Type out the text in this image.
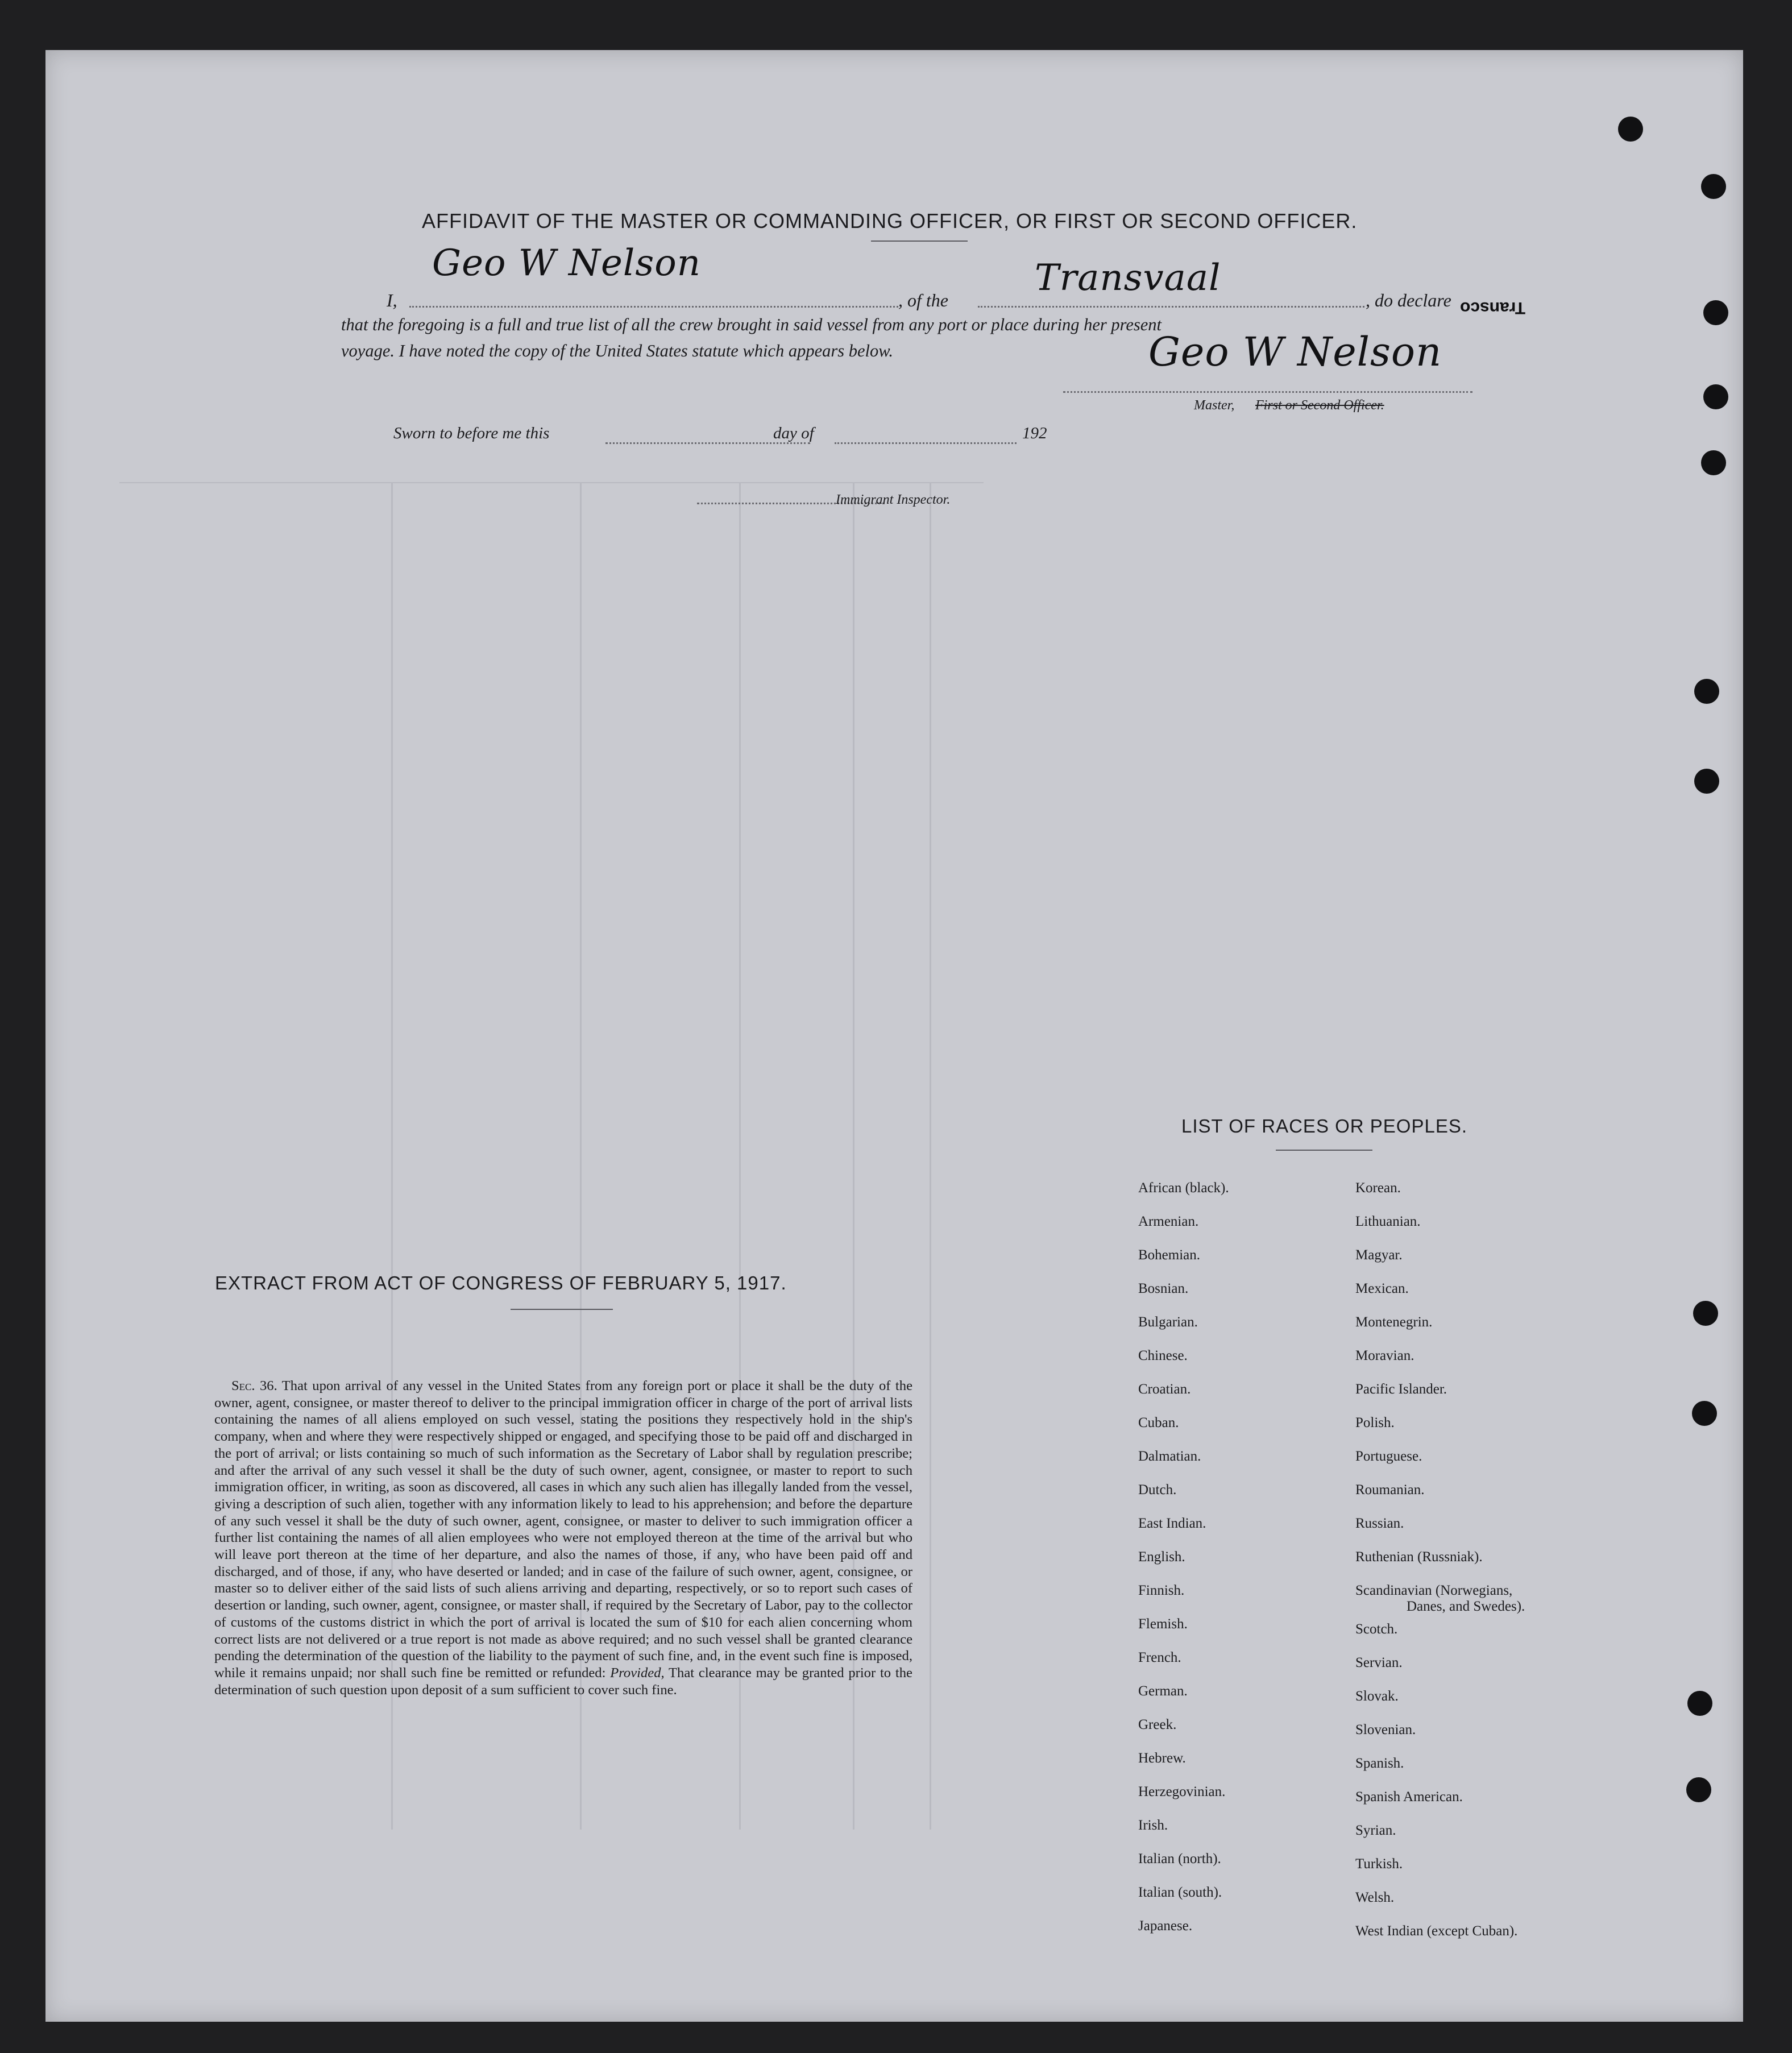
AFFIDAVIT OF THE MASTER OR COMMANDING OFFICER, OR FIRST OR SECOND OFFICER.
I,
Geo W Nelson
, of the
Transvaal
, do declare Transco
that the foregoing is a full and true list of all the crew brought in said vessel from any port or place during her present
voyage. I have noted the copy of the United States statute which appears below.	Geo W Nelson
Master, First or Second Officer.
Sworn to before me this	day of	192
Immigrant Inspector.
EXTRACT FROM ACT OF CONGRESS OF FEBRUARY 5, 1917.

Sec. 36. That upon arrival of any vessel in the United States from any foreign port or place it shall be the duty of the owner, agent, consignee, or master thereof to deliver to the principal immigration officer in charge of the port of arrival lists containing the names of all aliens employed on such vessel, stating the positions they respectively hold in the ship's company, when and where they were respectively shipped or engaged, and specifying those to be paid off and discharged in the port of arrival; or lists containing so much of such information as the Secretary of Labor shall by regulation prescribe; and after the arrival of any such vessel it shall be the duty of such owner, agent, consignee, or master to report to such immigration officer, in writing, as soon as discovered, all cases in which any such alien has illegally landed from the vessel, giving a description of such alien, together with any information likely to lead to his apprehension; and before the departure of any such vessel it shall be the duty of such owner, agent, consignee, or master to deliver to such immigration officer a further list containing the names of all alien employees who were not employed thereon at the time of the arrival but who will leave port thereon at the time of her departure, and also the names of those, if any, who have been paid off and discharged, and of those, if any, who have deserted or landed; and in case of the failure of such owner, agent, consignee, or master so to deliver either of the said lists of such aliens arriving and departing, respectively, or so to report such cases of desertion or landing, such owner, agent, consignee, or master shall, if required by the Secretary of Labor, pay to the collector of customs of the customs district in which the port of arrival is located the sum of $10 for each alien concerning whom correct lists are not delivered or a true report is not made as above required; and no such vessel shall be granted clearance pending the determination of the question of the liability to the payment of such fine, and, in the event such fine is imposed, while it remains unpaid; nor shall such fine be remitted or refunded: Provided, That clearance may be granted prior to the determination of such question upon deposit of a sum sufficient to cover such fine.

LIST OF RACES OR PEOPLES.
African (black).
Armenian.
Bohemian.
Bosnian.
Bulgarian.
Chinese.
Croatian.
Cuban.
Dalmatian.
Dutch.
East Indian.
English.
Finnish.
Flemish.
French.
German.
Greek.
Hebrew.
Herzegovinian.
Irish.
Italian (north).
Italian (south).
Japanese.
Korean.
Lithuanian.
Magyar.
Mexican.
Montenegrin.
Moravian.
Pacific Islander.
Polish.
Portuguese.
Roumanian.
Russian.
Ruthenian (Russniak).
Scandinavian (Norwegians,
Danes, and Swedes).
Scotch.
Servian.
Slovak.
Slovenian.
Spanish.
Spanish American.
Syrian.
Turkish.
Welsh.
West Indian (except Cuban).
